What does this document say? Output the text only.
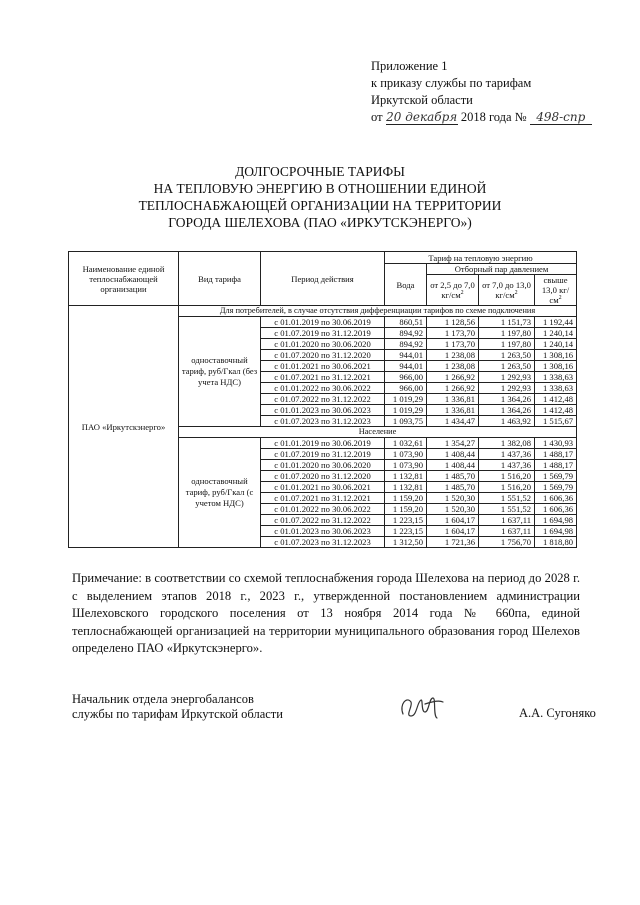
Приложение 1
к приказу службы по тарифам
Иркутской области
от 20 декабря 2018 года № 498-спр
ДОЛГОСРОЧНЫЕ ТАРИФЫ
НА ТЕПЛОВУЮ ЭНЕРГИЮ В ОТНОШЕНИИ ЕДИНОЙ
ТЕПЛОСНАБЖАЮЩЕЙ ОРГАНИЗАЦИИ НА ТЕРРИТОРИИ
ГОРОДА ШЕЛЕХОВА (ПАО «ИРКУТСКЭНЕРГО»)
Наименование единой теплоснабжающей организации	Вид тарифа	Период действия	Тариф на тепловую энергию			
			Вода	Отборный пар давлением		
				от 2,5 до 7,0 $кг/см^2$	от 7,0 до 13,0 $кг/см^2$	свыше 13,0 $кг/см^2$
ПАО «Иркутскэнерго»	Для потребителей, в случае отсутствия дифференциации тарифов по схеме подключения					
	одноставочный тариф, руб/Гкал (без учета НДС)	с 01.01.2019 по 30.06.2019	860,51	1 128,56	1 151,73	1 192,44
		с 01.07.2019 по 31.12.2019	894,92	1 173,70	1 197,80	1 240,14
		с 01.01.2020 по 30.06.2020	894,92	1 173,70	1 197,80	1 240,14
		с 01.07.2020 по 31.12.2020	944,01	1 238,08	1 263,50	1 308,16
		с 01.01.2021 по 30.06.2021	944,01	1 238,08	1 263,50	1 308,16
		с 01.07.2021 по 31.12.2021	966,00	1 266,92	1 292,93	1 338,63
		с 01.01.2022 по 30.06.2022	966,00	1 266,92	1 292,93	1 338,63
		с 01.07.2022 по 31.12.2022	1 019,29	1 336,81	1 364,26	1 412,48
		с 01.01.2023 по 30.06.2023	1 019,29	1 336,81	1 364,26	1 412,48
		с 01.07.2023 по 31.12.2023	1 093,75	1 434,47	1 463,92	1 515,67
	Население					
	одноставочный тариф, руб/Гкал (с учетом НДС)	с 01.01.2019 по 30.06.2019	1 032,61	1 354,27	1 382,08	1 430,93
		с 01.07.2019 по 31.12.2019	1 073,90	1 408,44	1 437,36	1 488,17
		с 01.01.2020 по 30.06.2020	1 073,90	1 408,44	1 437,36	1 488,17
		с 01.07.2020 по 31.12.2020	1 132,81	1 485,70	1 516,20	1 569,79
		с 01.01.2021 по 30.06.2021	1 132,81	1 485,70	1 516,20	1 569,79
		с 01.07.2021 по 31.12.2021	1 159,20	1 520,30	1 551,52	1 606,36
		с 01.01.2022 по 30.06.2022	1 159,20	1 520,30	1 551,52	1 606,36
		с 01.07.2022 по 31.12.2022	1 223,15	1 604,17	1 637,11	1 694,98
		с 01.01.2023 по 30.06.2023	1 223,15	1 604,17	1 637,11	1 694,98
		с 01.07.2023 по 31.12.2023	1 312,50	1 721,36	1 756,70	1 818,80
Примечание: в соответствии со схемой теплоснабжения города Шелехова на период до 2028 г. с выделением этапов 2018 г., 2023 г., утвержденной постановлением администрации Шелеховского городского поселения от 13 ноября 2014 года № 660па, единой теплоснабжающей организацией на территории муниципального образования город Шелехов определено ПАО «Иркутскэнерго».
Начальник отдела энергобалансов
службы по тарифам Иркутской области	А.А. Сугоняко
